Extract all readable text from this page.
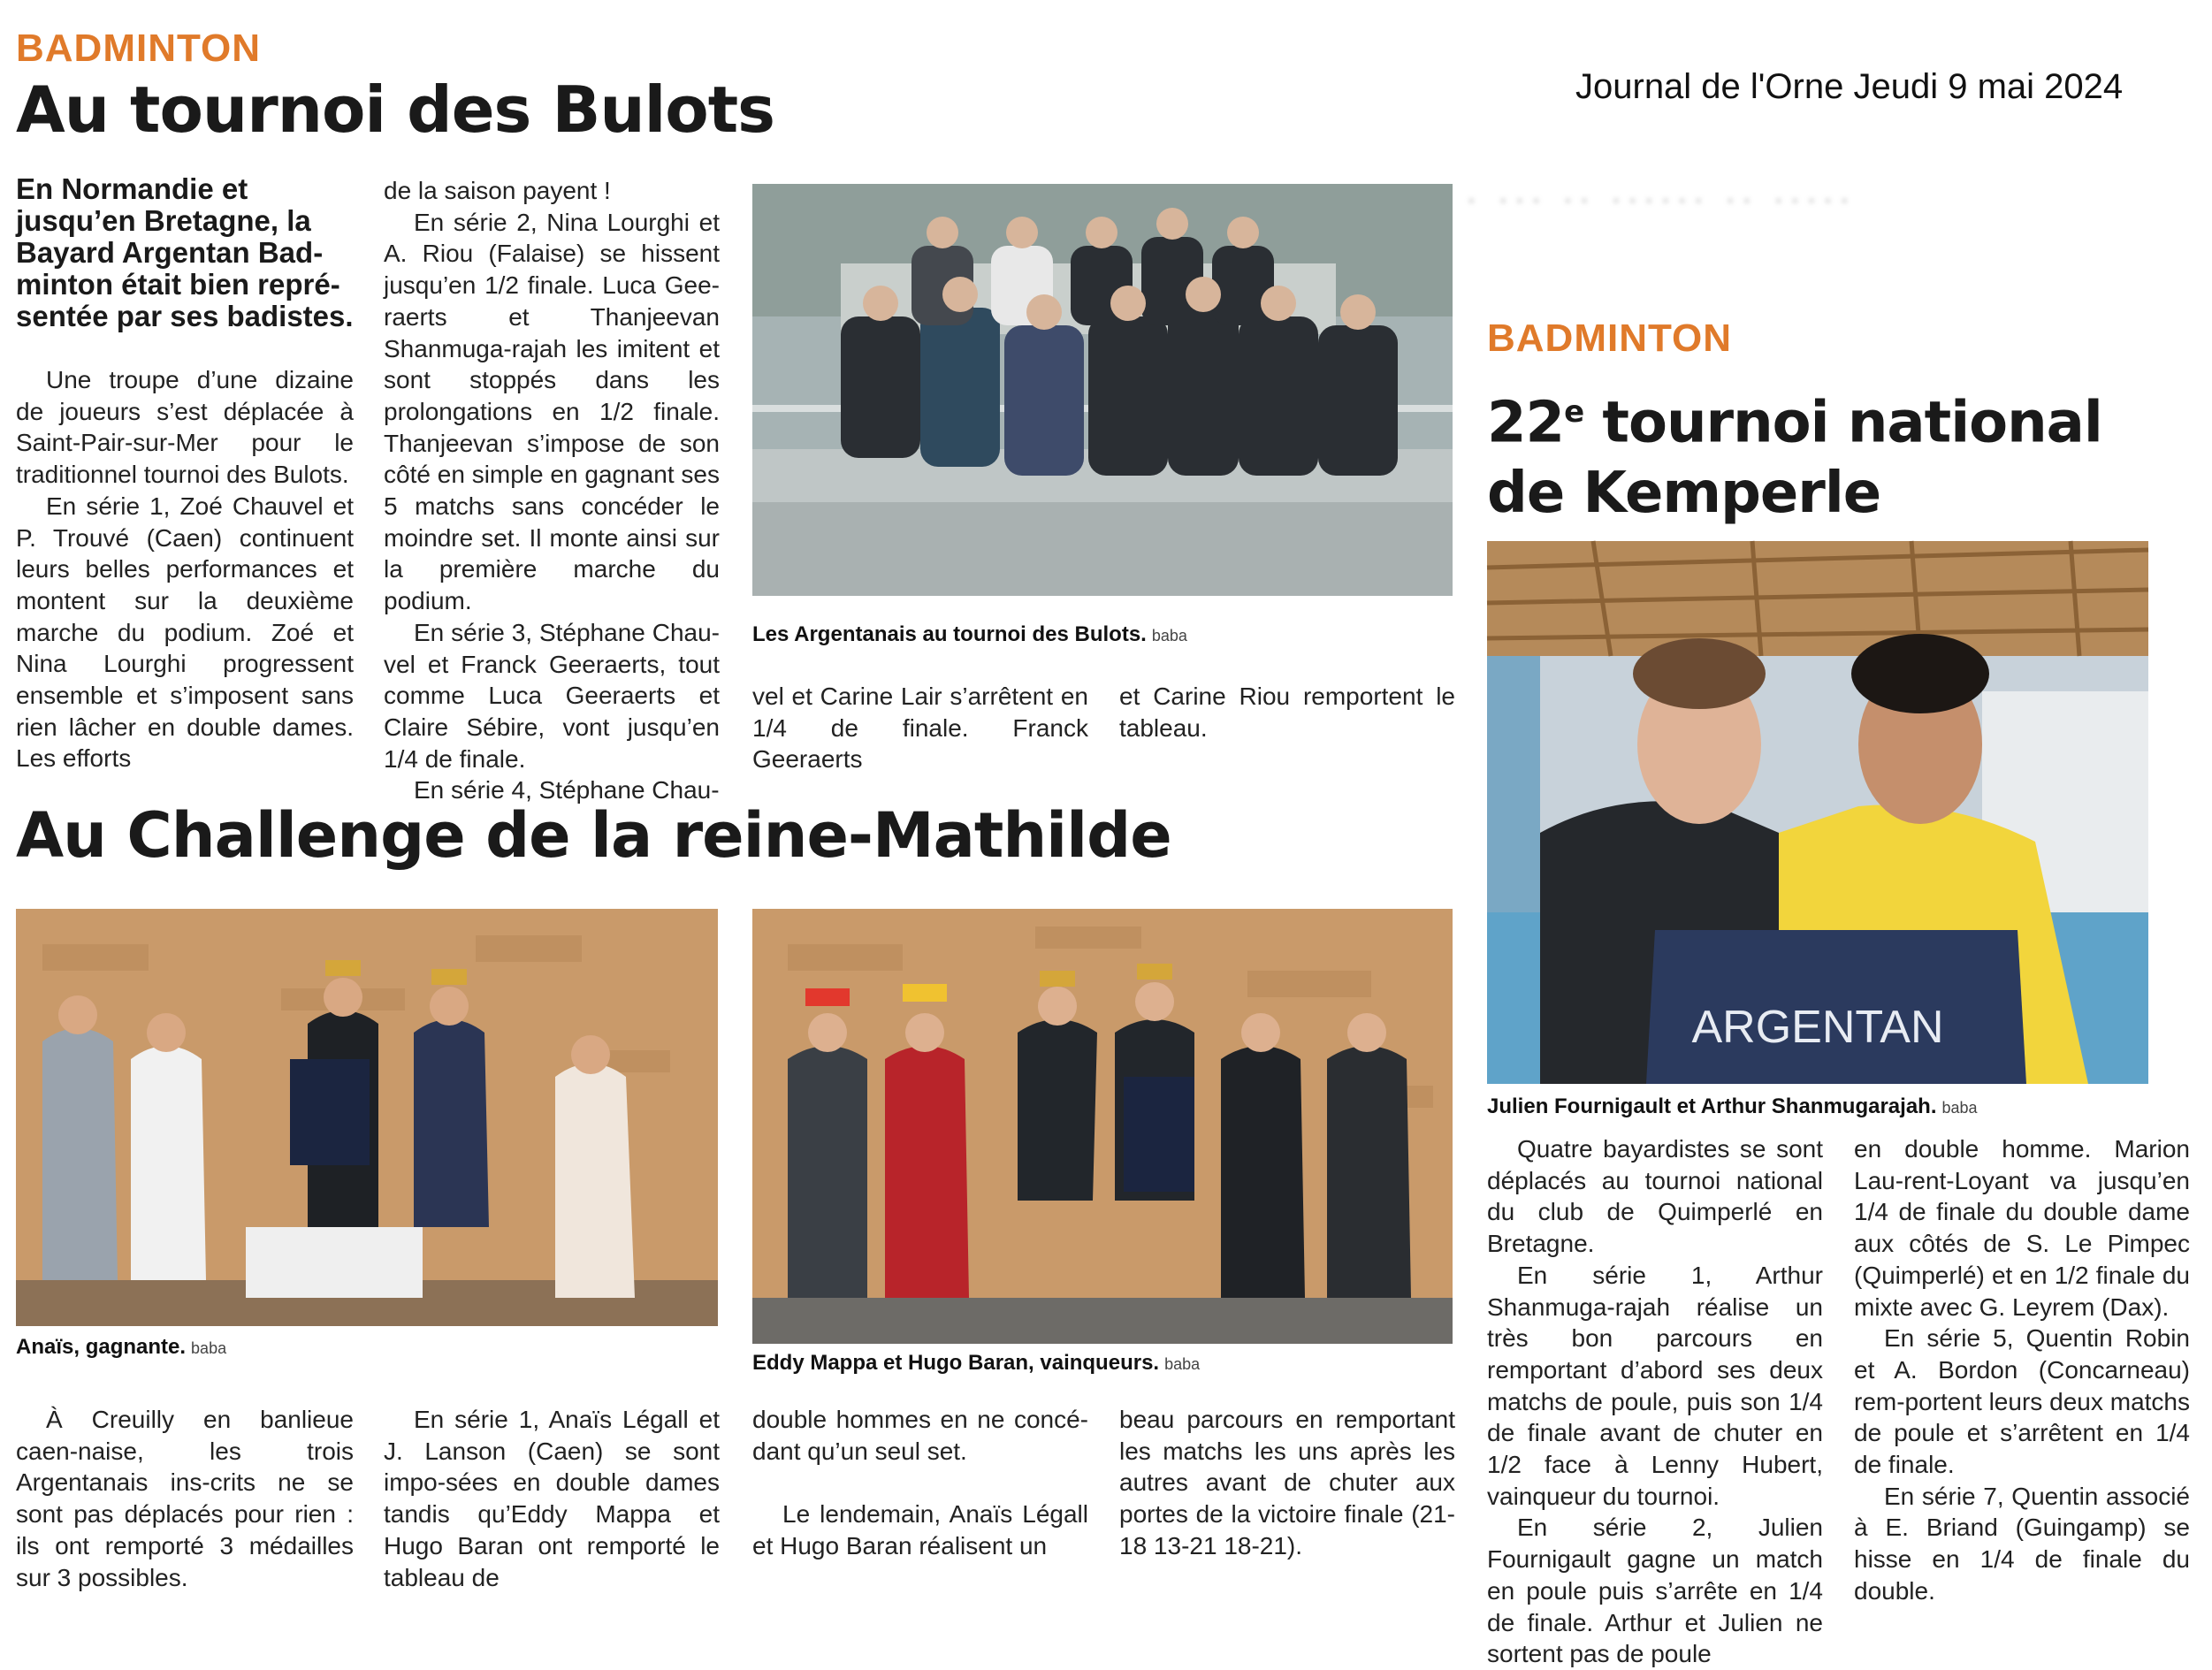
BADMINTON
Au tournoi des Bulots	Journal de l'Orne Jeudi 9 mai 2024
En Normandie et jusqu’en Bretagne, la Bayard Argentan Bad-minton était bien repré-sentée par ses badistes.

Une troupe d’une dizaine de joueurs s’est déplacée à Saint-Pair-sur-Mer pour le traditionnel tournoi des Bulots.

En série 1, Zoé Chauvel et P. Trouvé (Caen) continuent leurs belles performances et montent sur la deuxième marche du podium. Zoé et Nina Lourghi progressent ensemble et s’imposent sans rien lâcher en double dames. Les efforts

de la saison payent !

En série 2, Nina Lourghi et A. Riou (Falaise) se hissent jusqu’en 1/2 finale. Luca Gee-raerts et Thanjeevan Shanmuga-rajah les imitent et sont stoppés dans les prolongations en 1/2 finale. Thanjeevan s’impose de son côté en simple en gagnant ses 5 matchs sans concéder le moindre set. Il monte ainsi sur la première marche du podium.

En série 3, Stéphane Chau-vel et Franck Geeraerts, tout comme Luca Geeraerts et Claire Sébire, vont jusqu’en 1/4 de finale.

En série 4, Stéphane Chau-

Les Argentanais au tournoi des Bulots. baba

vel et Carine Lair s’arrêtent en 1/4 de finale. Franck Geeraerts

et Carine Riou remportent le tableau.

· ··· ·· ······ ·· ·····
BADMINTON
22e tournoi national
de Kemperle
ARGENTAN
Julien Fournigault et Arthur Shanmugarajah. baba

Quatre bayardistes se sont déplacés au tournoi national du club de Quimperlé en Bretagne.

En série 1, Arthur Shanmuga-rajah réalise un très bon parcours en remportant d’abord ses deux matchs de poule, puis son 1/4 de finale avant de chuter en 1/2 face à Lenny Hubert, vainqueur du tournoi.

En série 2, Julien Fournigault gagne un match en poule puis s’arrête en 1/4 de finale. Arthur et Julien ne sortent pas de poule

en double homme. Marion Lau-rent-Loyant va jusqu’en 1/4 de finale du double dame aux côtés de S. Le Pimpec (Quimperlé) et en 1/2 finale du mixte avec G. Leyrem (Dax).

En série 5, Quentin Robin et A. Bordon (Concarneau) rem-portent leurs deux matchs de poule et s’arrêtent en 1/4 de finale.

En série 7, Quentin associé à E. Briand (Guingamp) se hisse en 1/4 de finale du double.

Au Challenge de la reine-Mathilde
Anaïs, gagnante. baba
Eddy Mappa et Hugo Baran, vainqueurs. baba

À Creuilly en banlieue caen-naise, les trois Argentanais ins-crits ne se sont pas déplacés pour rien : ils ont remporté 3 médailles sur 3 possibles.

En série 1, Anaïs Légall et J. Lanson (Caen) se sont impo-sées en double dames tandis qu’Eddy Mappa et Hugo Baran ont remporté le tableau de

double hommes en ne concé-dant qu’un seul set.

Le lendemain, Anaïs Légall et Hugo Baran réalisent un

beau parcours en remportant les matchs les uns après les autres avant de chuter aux portes de la victoire finale (21-18 13-21 18-21).
